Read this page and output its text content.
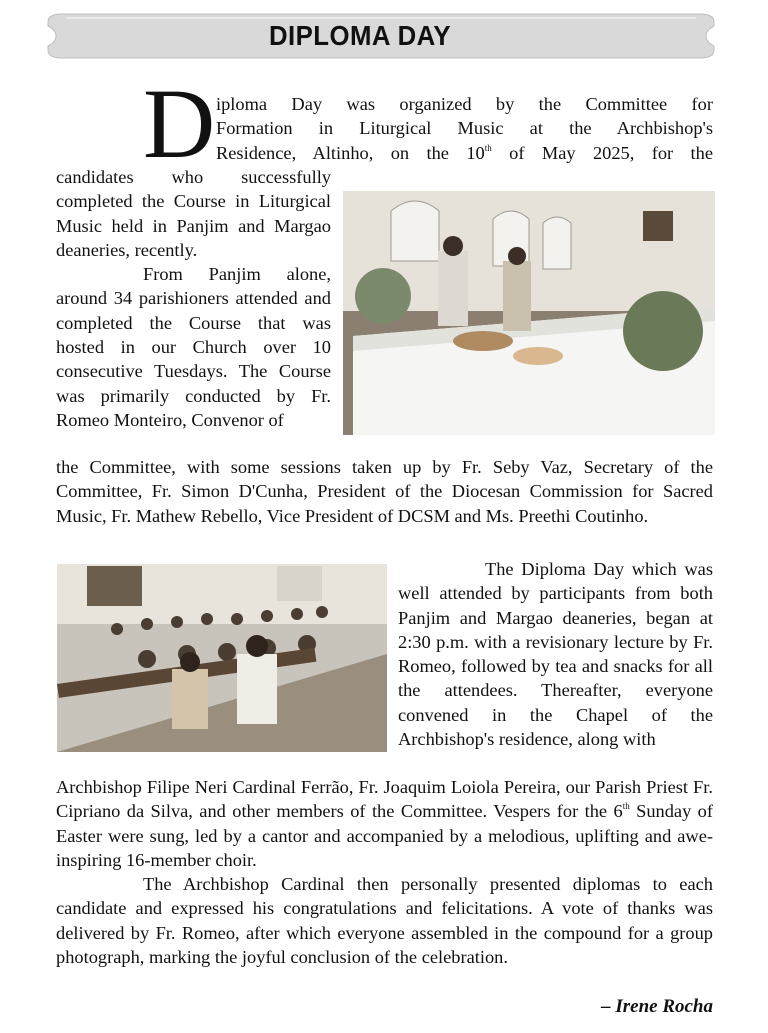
DIPLOMA DAY
D iploma Day was organized by the Committee for

Formation in Liturgical Music at the Archbishop's

Residence, Altinho, on the 10th of May 2025, for the

candidates who successfully completed the Course in Liturgical Music held in Panjim and Margao deaneries, recently.

From Panjim alone, around 34 parishioners attended and completed the Course that was hosted in our Church over 10 consecutive Tuesdays. The Course was primarily conducted by Fr. Romeo Monteiro, Convenor of

the Committee, with some sessions taken up by Fr. Seby Vaz, Secretary of the Committee, Fr. Simon D'Cunha, President of the Diocesan Commission for Sacred Music, Fr. Mathew Rebello, Vice President of DCSM and Ms. Preethi Coutinho.

The Diploma Day which was well attended by participants from both Panjim and Margao deaneries, began at 2:30 p.m. with a revisionary lecture by Fr. Romeo, followed by tea and snacks for all the attendees. Thereafter, everyone convened in the Chapel of the Archbishop's residence, along with

Archbishop Filipe Neri Cardinal Ferrão, Fr. Joaquim Loiola Pereira, our Parish Priest Fr. Cipriano da Silva, and other members of the Committee. Vespers for the 6th Sunday of Easter were sung, led by a cantor and accompanied by a melodious, uplifting and awe-inspiring 16-member choir.

The Archbishop Cardinal then personally presented diplomas to each candidate and expressed his congratulations and felicitations. A vote of thanks was delivered by Fr. Romeo, after which everyone assembled in the compound for a group photograph, marking the joyful conclusion of the celebration.

– Irene Rocha
